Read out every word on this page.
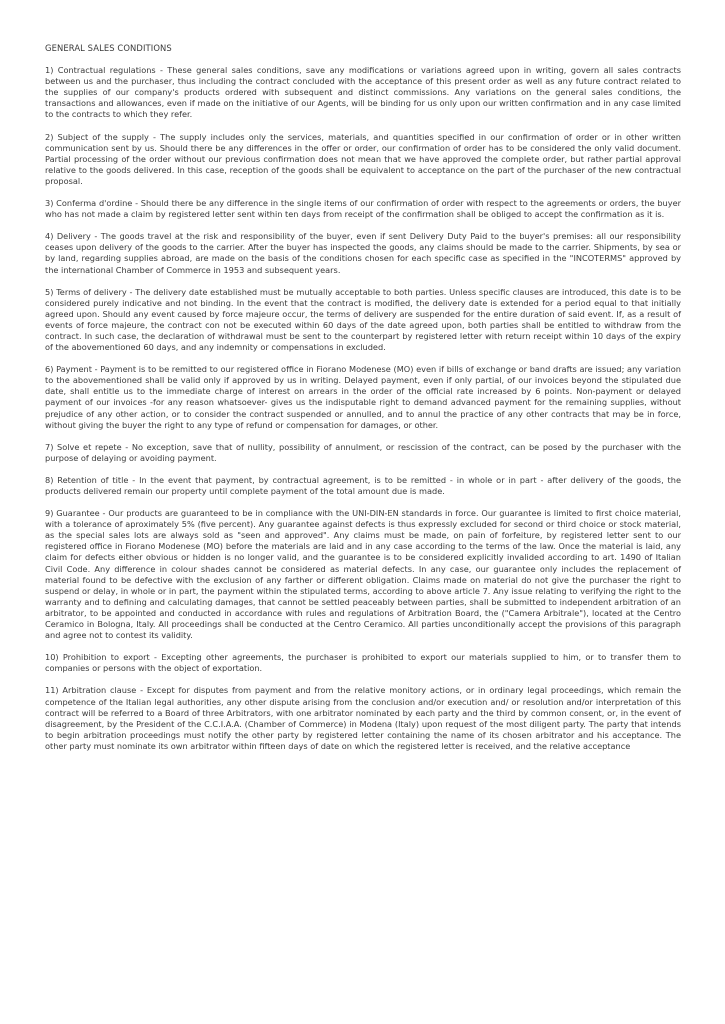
GENERAL SALES CONDITIONS

1) Contractual regulations - These general sales conditions, save any modifications or variations agreed upon in writing, govern all sales contracts between us and the purchaser, thus including the contract concluded with the acceptance of this present order as well as any future contract related to the supplies of our company's products ordered with subsequent and distinct commissions. Any variations on the general sales conditions, the transactions and allowances, even if made on the initiative of our Agents, will be binding for us only upon our written confirmation and in any case limited to the contracts to which they refer.

2) Subject of the supply - The supply includes only the services, materials, and quantities specified in our confirmation of order or in other written communication sent by us. Should there be any differences in the offer or order, our confirmation of order has to be considered the only valid document. Partial processing of the order without our previous confirmation does not mean that we have approved the complete order, but rather partial approval relative to the goods delivered. In this case, reception of the goods shall be equivalent to acceptance on the part of the purchaser of the new contractual proposal.

3) Conferma d'ordine - Should there be any difference in the single items of our confirmation of order with respect to the agreements or orders, the buyer who has not made a claim by registered letter sent within ten days from receipt of the confirmation shall be obliged to accept the confirmation as it is.

4) Delivery - The goods travel at the risk and responsibility of the buyer, even if sent Delivery Duty Paid to the buyer's premises: all our responsibility ceases upon delivery of the goods to the carrier. After the buyer has inspected the goods, any claims should be made to the carrier. Shipments, by sea or by land, regarding supplies abroad, are made on the basis of the conditions chosen for each specific case as specified in the "INCOTERMS" approved by the international Chamber of Commerce in 1953 and subsequent years.

5) Terms of delivery - The delivery date established must be mutually acceptable to both parties. Unless specific clauses are introduced, this date is to be considered purely indicative and not binding. In the event that the contract is modified, the delivery date is extended for a period equal to that initially agreed upon. Should any event caused by force majeure occur, the terms of delivery are suspended for the entire duration of said event. If, as a result of events of force majeure, the contract con not be executed within 60 days of the date agreed upon, both parties shall be entitled to withdraw from the contract. In such case, the declaration of withdrawal must be sent to the counterpart by registered letter with return receipt within 10 days of the expiry of the abovementioned 60 days, and any indemnity or compensations in excluded.

6) Payment - Payment is to be remitted to our registered office in Fiorano Modenese (MO) even if bills of exchange or band drafts are issued; any variation to the abovementioned shall be valid only if approved by us in writing. Delayed payment, even if only partial, of our invoices beyond the stipulated due date, shall entitle us to the immediate charge of interest on arrears in the order of the official rate increased by 6 points. Non-payment or delayed payment of our invoices -for any reason whatsoever- gives us the indisputable right to demand advanced payment for the remaining supplies, without prejudice of any other action, or to consider the contract suspended or annulled, and to annul the practice of any other contracts that may be in force, without giving the buyer the right to any type of refund or compensation for damages, or other.

7) Solve et repete - No exception, save that of nullity, possibility of annulment, or rescission of the contract, can be posed by the purchaser with the purpose of delaying or avoiding payment.

8) Retention of title - In the event that payment, by contractual agreement, is to be remitted - in whole or in part - after delivery of the goods, the products delivered remain our property until complete payment of the total amount due is made.

9) Guarantee - Our products are guaranteed to be in compliance with the UNI-DIN-EN standards in force. Our guarantee is limited to first choice material, with a tolerance of aproximately 5% (five percent). Any guarantee against defects is thus expressly excluded for second or third choice or stock material, as the special sales lots are always sold as "seen and approved". Any claims must be made, on pain of forfeiture, by registered letter sent to our registered office in Fiorano Modenese (MO) before the materials are laid and in any case according to the terms of the law. Once the material is laid, any claim for defects either obvious or hidden is no longer valid, and the guarantee is to be considered explicitly invalided according to art. 1490 of Italian Civil Code. Any difference in colour shades cannot be considered as material defects. In any case, our guarantee only includes the replacement of material found to be defective with the exclusion of any farther or different obligation. Claims made on material do not give the purchaser the right to suspend or delay, in whole or in part, the payment within the stipulated terms, according to above article 7. Any issue relating to verifying the right to the warranty and to defining and calculating damages, that cannot be settled peaceably between parties, shall be submitted to independent arbitration of an arbitrator, to be appointed and conducted in accordance with rules and regulations of Arbitration Board, the ("Camera Arbitrale"), located at the Centro Ceramico in Bologna, Italy. All proceedings shall be conducted at the Centro Ceramico. All parties unconditionally accept the provisions of this paragraph and agree not to contest its validity.

10) Prohibition to export - Excepting other agreements, the purchaser is prohibited to export our materials supplied to him, or to transfer them to companies or persons with the object of exportation.

11) Arbitration clause - Except for disputes from payment and from the relative monitory actions, or in ordinary legal proceedings, which remain the competence of the Italian legal authorities, any other dispute arising from the conclusion and/or execution and/ or resolution and/or interpretation of this contract will be referred to a Board of three Arbitrators, with one arbitrator nominated by each party and the third by common consent, or, in the event of disagreement, by the President of the C.C.I.A.A. (Chamber of Commerce) in Modena (Italy) upon request of the most diligent party. The party that intends to begin arbitration proceedings must notify the other party by registered letter containing the name of its chosen arbitrator and his acceptance. The other party must nominate its own arbitrator within fifteen days of date on which the registered letter is received, and the relative acceptance
